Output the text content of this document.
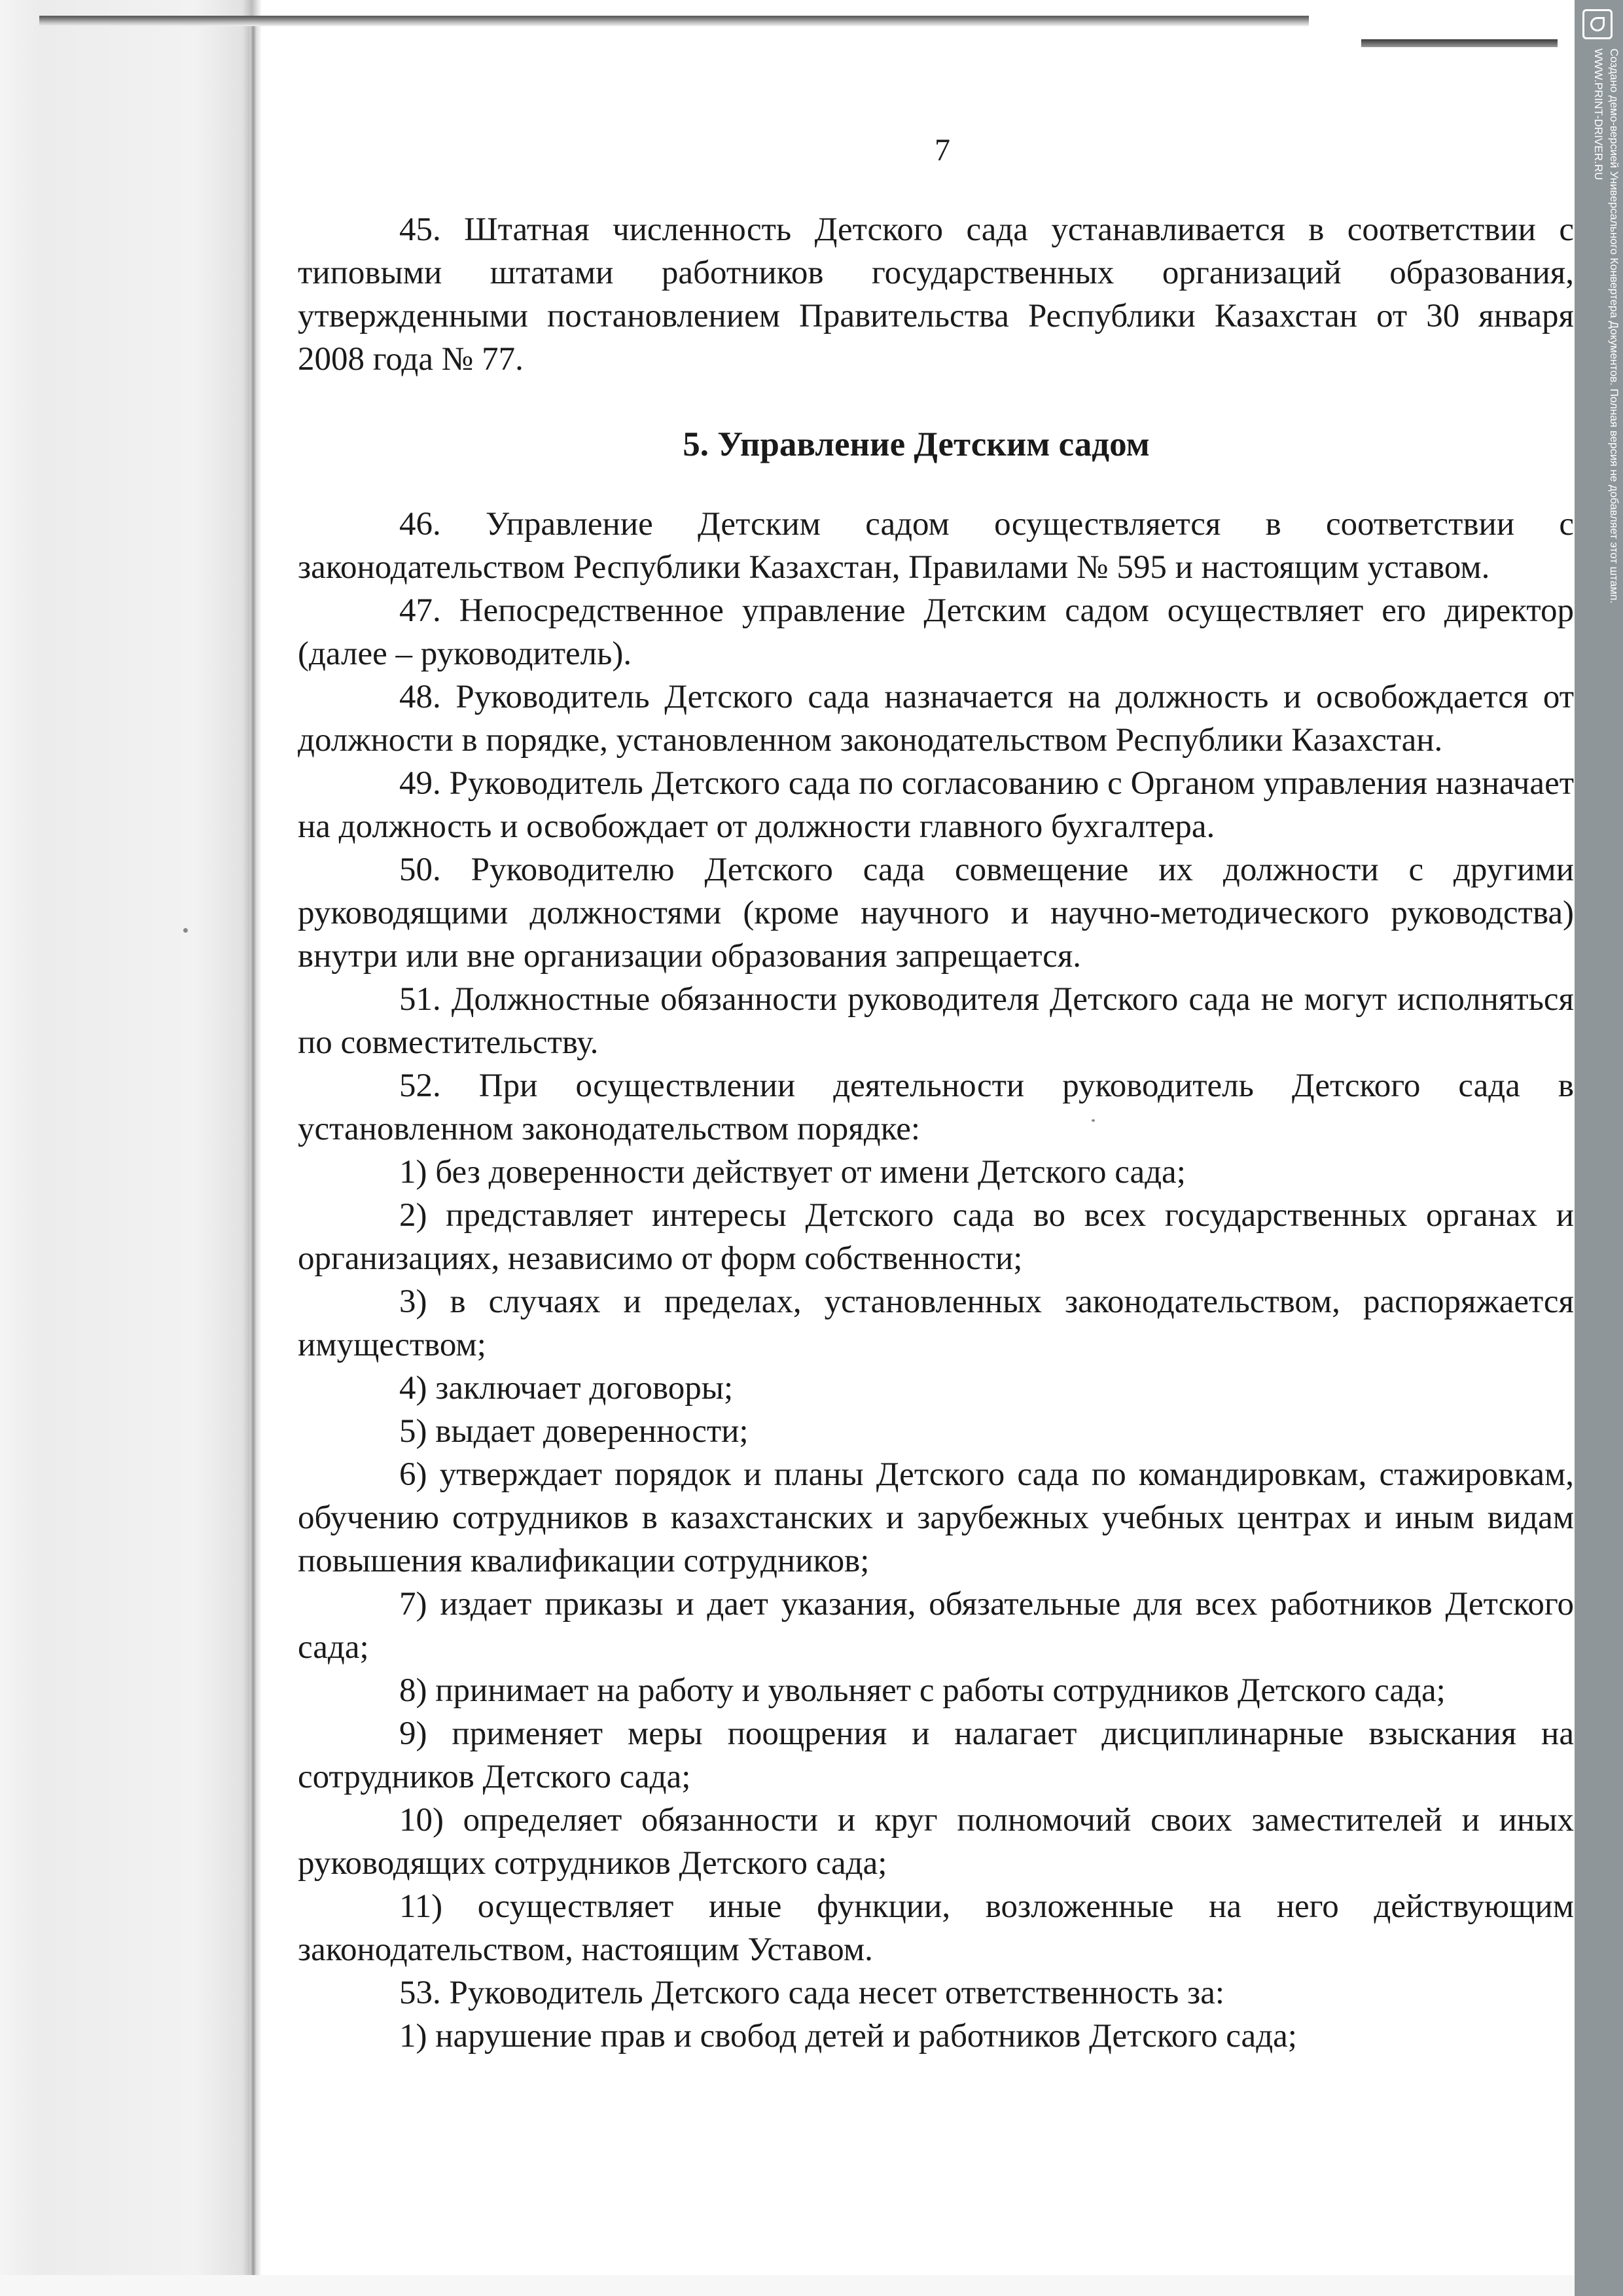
7

45. Штатная численность Детского сада устанавливается в соответствии с типовыми штатами работников государственных организаций образования, утвержденными постановлением Правительства Республики Казахстан от 30 января 2008 года № 77.

5. Управление Детским садом

46. Управление Детским садом осуществляется в соответствии с законодательством Республики Казахстан, Правилами № 595 и настоящим уставом.

47. Непосредственное управление Детским садом осуществляет его директор (далее – руководитель).

48. Руководитель Детского сада назначается на должность и освобождается от должности в порядке, установленном законодательством Республики Казахстан.

49. Руководитель Детского сада по согласованию с Органом управления назначает на должность и освобождает от должности главного бухгалтера.

50. Руководителю Детского сада совмещение их должности с другими руководящими должностями (кроме научного и научно-методического руководства) внутри или вне организации образования запрещается.

51. Должностные обязанности руководителя Детского сада не могут исполняться по совместительству.

52. При осуществлении деятельности руководитель Детского сада в установленном законодательством порядке:

1) без доверенности действует от имени Детского сада;

2) представляет интересы Детского сада во всех государственных органах и организациях, независимо от форм собственности;

3) в случаях и пределах, установленных законодательством, распоряжается имуществом;

4) заключает договоры;

5) выдает доверенности;

6) утверждает порядок и планы Детского сада по командировкам, стажировкам, обучению сотрудников в казахстанских и зарубежных учебных центрах и иным видам повышения квалификации сотрудников;

7) издает приказы и дает указания, обязательные для всех работников Детского сада;

8) принимает на работу и увольняет с работы сотрудников Детского сада;

9) применяет меры поощрения и налагает дисциплинарные взыскания на сотрудников Детского сада;

10) определяет обязанности и круг полномочий своих заместителей и иных руководящих сотрудников Детского сада;

11) осуществляет иные функции, возложенные на него действующим законодательством, настоящим Уставом.

53. Руководитель Детского сада несет ответственность за:

1) нарушение прав и свобод детей и работников Детского сада;

Создано демо-версией Универсального Конвертера Документов. Полная версия не добавляет этот штамп.
WWW.PRINT-DRIVER.RU
